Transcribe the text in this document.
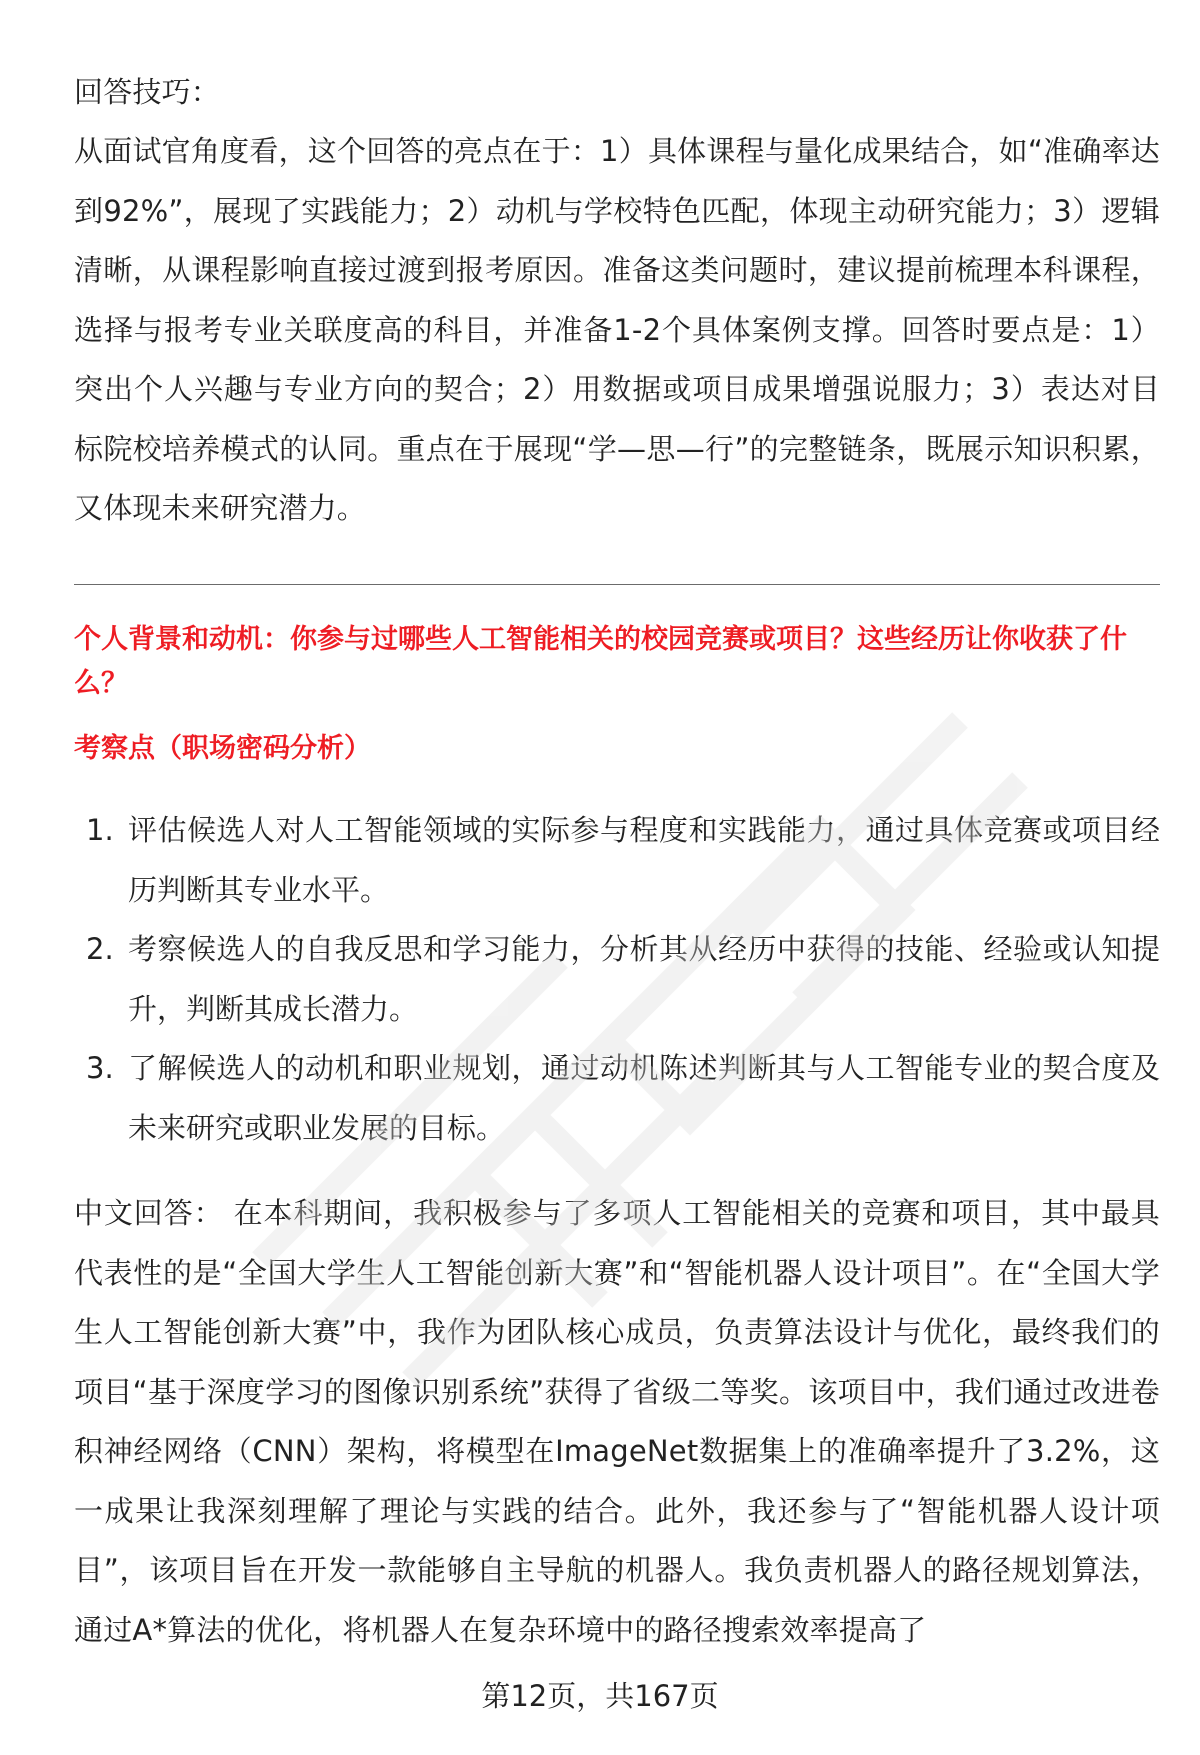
回答技巧：

从面试官角度看，这个回答的亮点在于：1）具体课程与量化成果结合，如“准确率达到92%”，展现了实践能力；2）动机与学校特色匹配，体现主动研究能力；3）逻辑清晰，从课程影响直接过渡到报考原因。准备这类问题时，建议提前梳理本科课程，选择与报考专业关联度高的科目，并准备1-2个具体案例支撑。回答时要点是：1）突出个人兴趣与专业方向的契合；2）用数据或项目成果增强说服力；3）表达对目标院校培养模式的认同。重点在于展现“学—思—行”的完整链条，既展示知识积累，又体现未来研究潜力。

个人背景和动机：你参与过哪些人工智能相关的校园竞赛或项目？这些经历让你收获了什么？

考察点（职场密码分析）

1. 评估候选人对人工智能领域的实际参与程度和实践能力，通过具体竞赛或项目经历判断其专业水平。
2. 考察候选人的自我反思和学习能力，分析其从经历中获得的技能、经验或认知提升，判断其成长潜力。
3. 了解候选人的动机和职业规划，通过动机陈述判断其与人工智能专业的契合度及未来研究或职业发展的目标。

中文回答： 在本科期间，我积极参与了多项人工智能相关的竞赛和项目，其中最具代表性的是“全国大学生人工智能创新大赛”和“智能机器人设计项目”。在“全国大学生人工智能创新大赛”中，我作为团队核心成员，负责算法设计与优化，最终我们的项目“基于深度学习的图像识别系统”获得了省级二等奖。该项目中，我们通过改进卷积神经网络（CNN）架构，将模型在ImageNet数据集上的准确率提升了3.2%，这一成果让我深刻理解了理论与实践的结合。此外，我还参与了“智能机器人设计项目”，该项目旨在开发一款能够自主导航的机器人。我负责机器人的路径规划算法，通过A*算法的优化，将机器人在复杂环境中的路径搜索效率提高了

第12页，共167页
